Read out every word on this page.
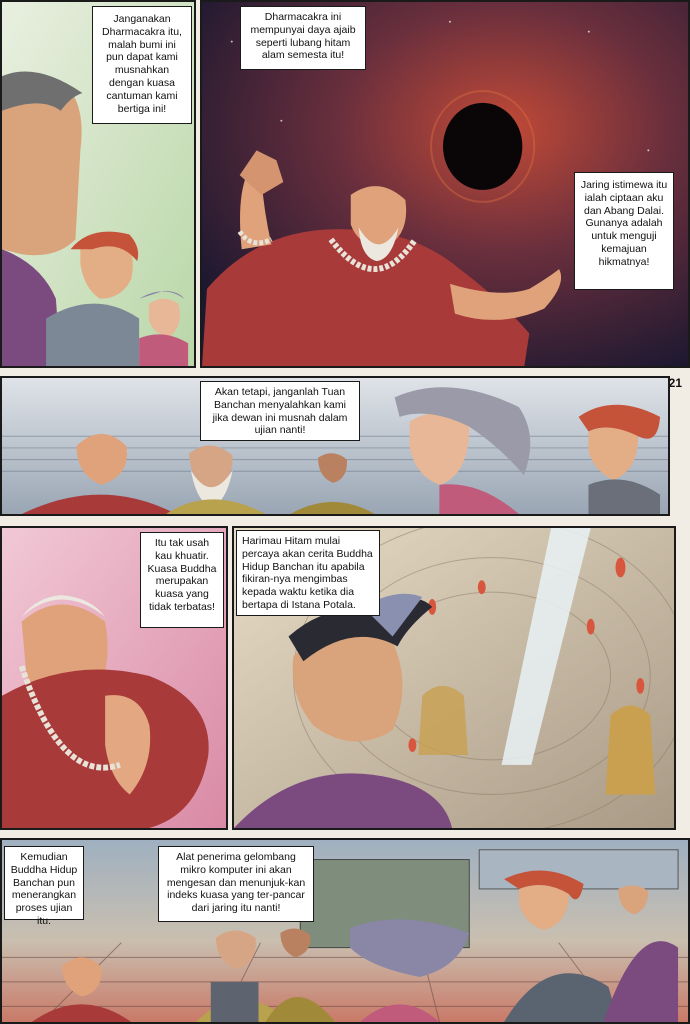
21
Janganakan Dharmacakra itu, malah bumi ini pun dapat kami musnahkan dengan kuasa cantuman kami bertiga ini!
Dharmacakra ini mempunyai daya ajaib seperti lubang hitam alam semesta itu!
Jaring istimewa itu ialah ciptaan aku dan Abang Dalai. Gunanya adalah untuk menguji kemajuan hikmatnya!
Akan tetapi, janganlah Tuan Banchan menyalahkan kami jika dewan ini musnah dalam ujian nanti!
Itu tak usah kau khuatir. Kuasa Buddha merupakan kuasa yang tidak terbatas!
Harimau Hitam mulai percaya akan cerita Buddha Hidup Banchan itu apabila fikiran-nya mengimbas kepada waktu ketika dia bertapa di Istana Potala.
Kemudian Buddha Hidup Banchan pun menerangkan proses ujian itu.
Alat penerima gelombang mikro komputer ini akan mengesan dan menunjuk-kan indeks kuasa yang ter-pancar dari jaring itu nanti!
